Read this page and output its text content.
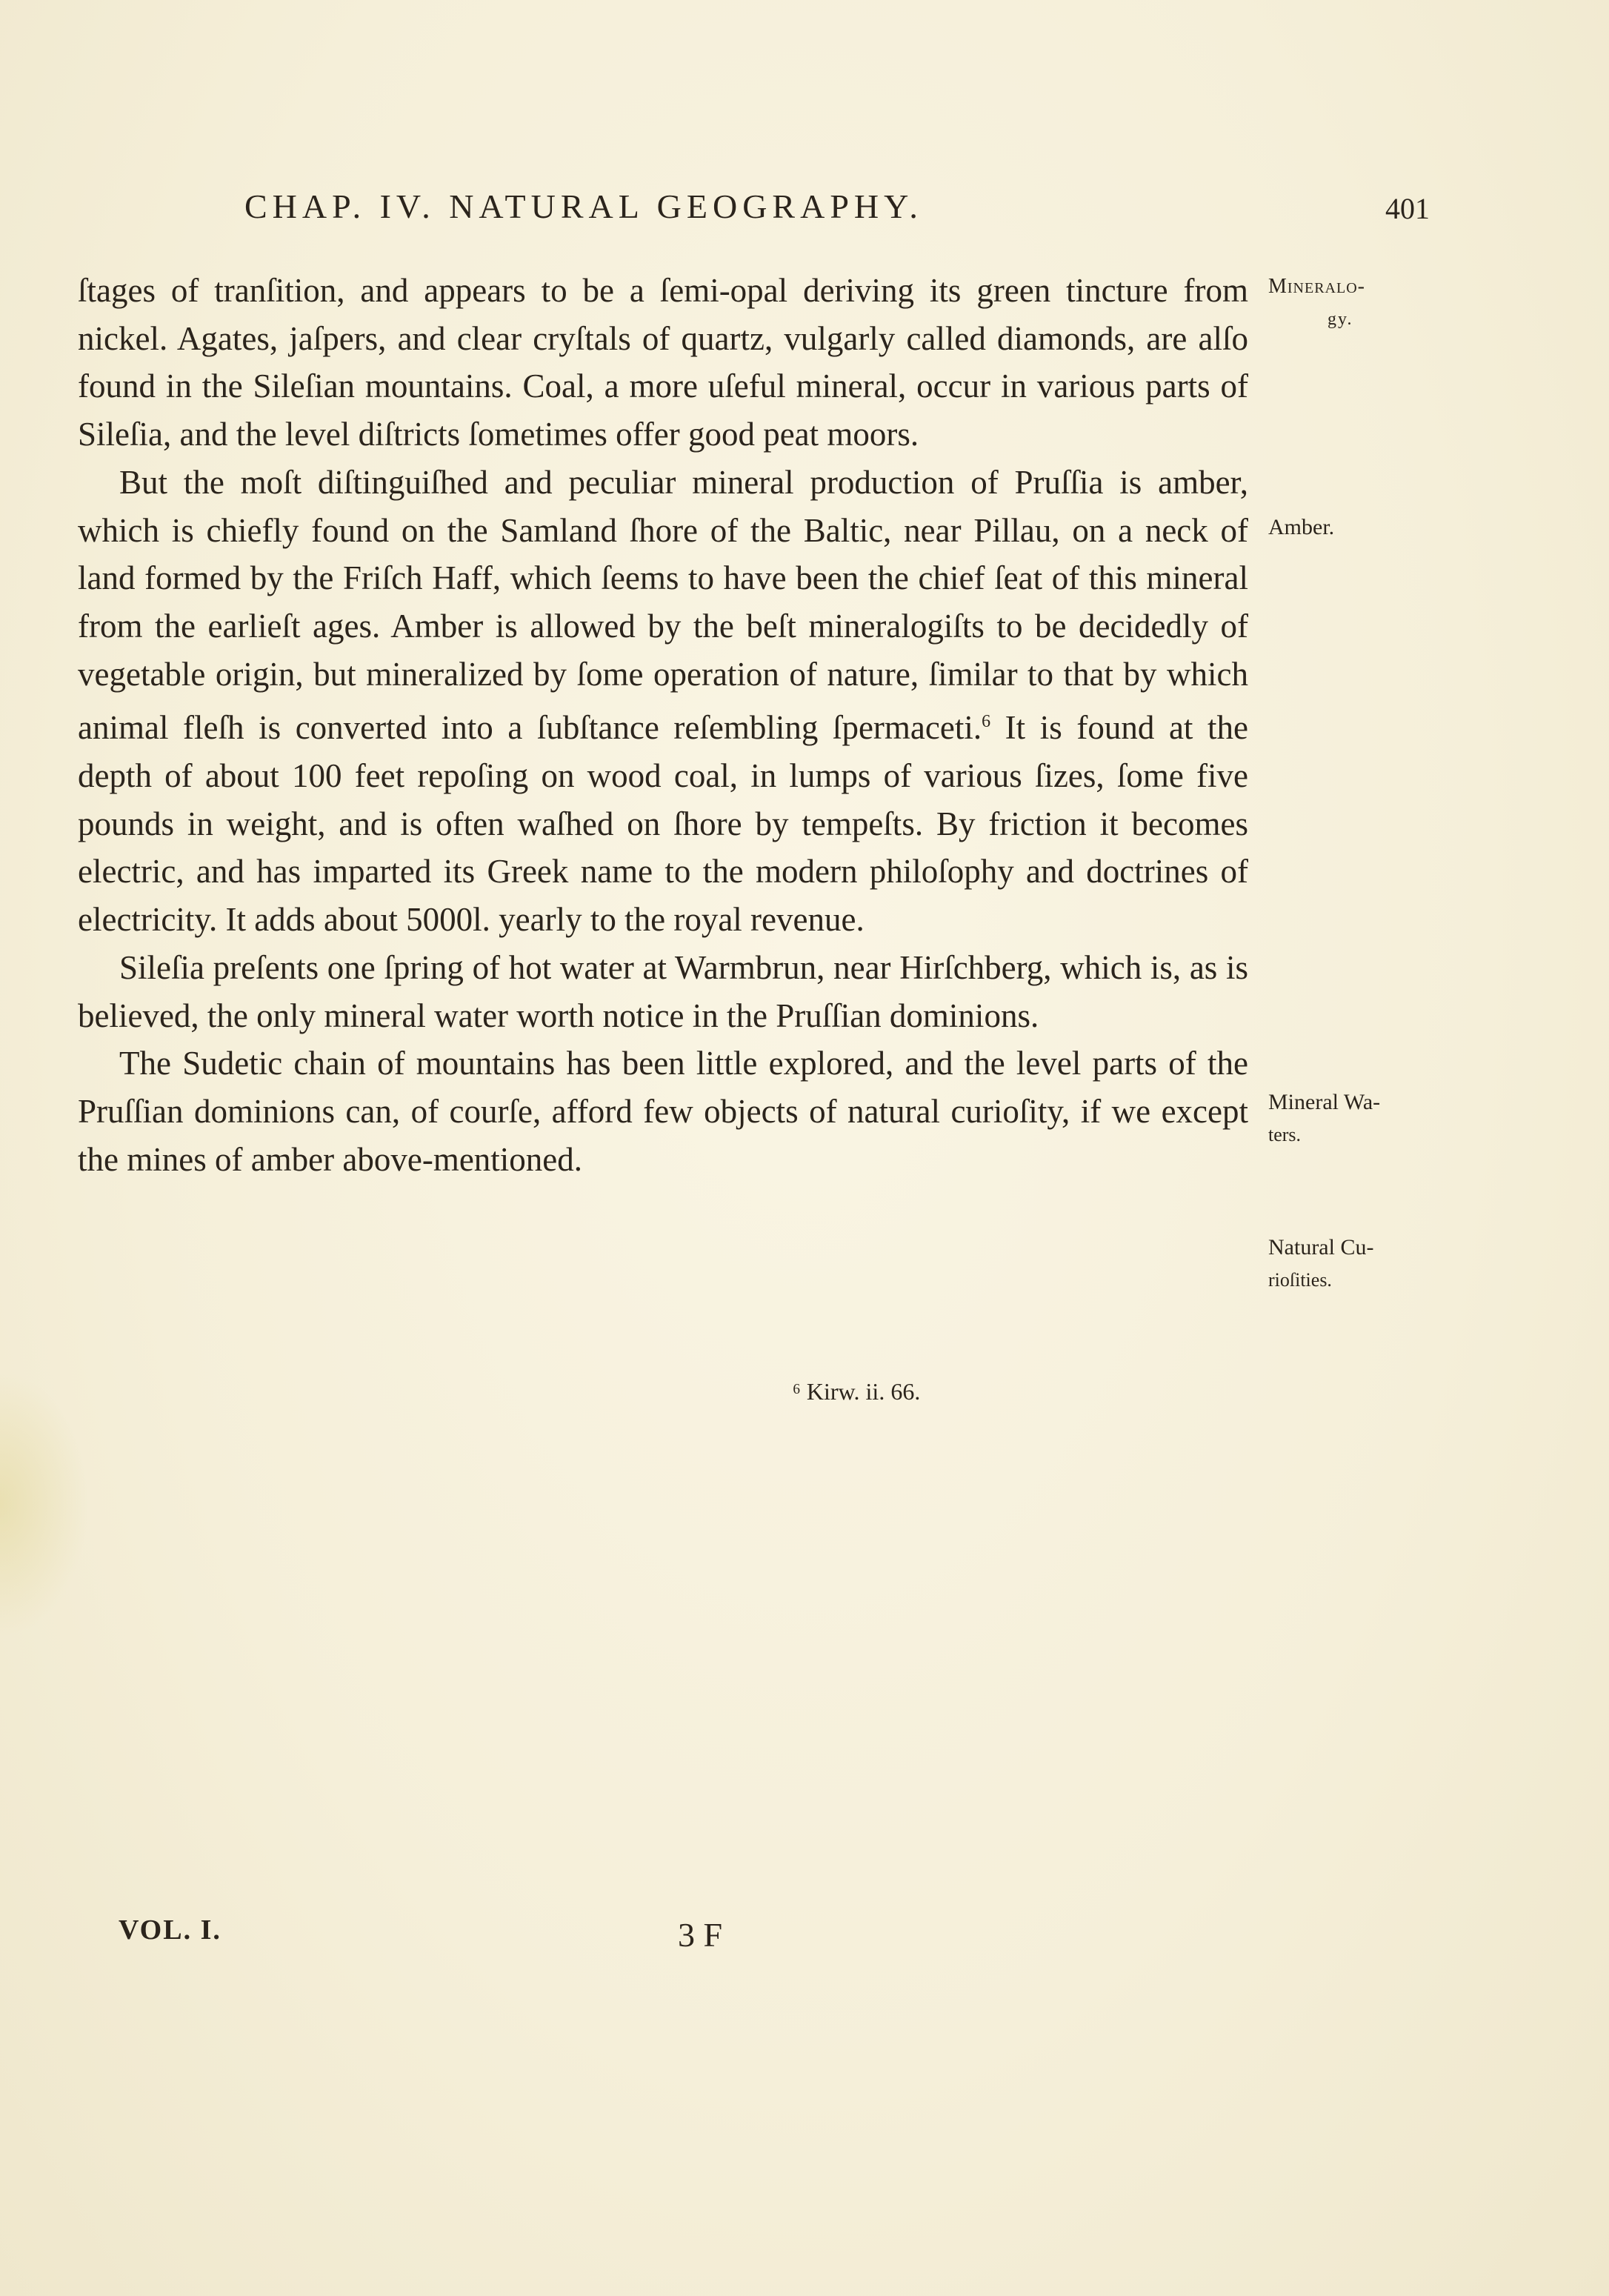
CHAP. IV. NATURAL GEOGRAPHY.	401

ſtages of tranſition, and appears to be a ſemi-opal deriving its green tincture from nickel. Agates, jaſpers, and clear cryſtals of quartz, vulgarly called diamonds, are alſo found in the Sileſian mountains. Coal, a more uſeful mineral, occur in various parts of Sileſia, and the level diſtricts ſometimes offer good peat moors.

But the moſt diſtinguiſhed and peculiar mineral production of Pruſſia is amber, which is chiefly found on the Samland ſhore of the Baltic, near Pillau, on a neck of land formed by the Friſch Haff, which ſeems to have been the chief ſeat of this mineral from the earlieſt ages. Amber is allowed by the beſt mineralogiſts to be decidedly of vegetable origin, but mineralized by ſome operation of nature, ſimilar to that by which animal fleſh is converted into a ſubſtance reſembling ſpermaceti.$^6$ It is found at the depth of about 100 feet repoſing on wood coal, in lumps of various ſizes, ſome five pounds in weight, and is often waſhed on ſhore by tempeſts. By friction it becomes electric, and has imparted its Greek name to the modern philoſophy and doctrines of electricity. It adds about 5000l. yearly to the royal revenue.

Sileſia preſents one ſpring of hot water at Warmbrun, near Hirſchberg, which is, as is believed, the only mineral water worth notice in the Pruſſian dominions.

The Sudetic chain of mountains has been little explored, and the level parts of the Pruſſian dominions can, of courſe, afford few objects of natural curioſity, if we except the mines of amber above-mentioned.

Mineralo-
gy.
Amber.
Mineral Wa-
ters.
Natural Cu-
rioſities.
⁶ Kirw. ii. 66.
VOL. I.	3 F
